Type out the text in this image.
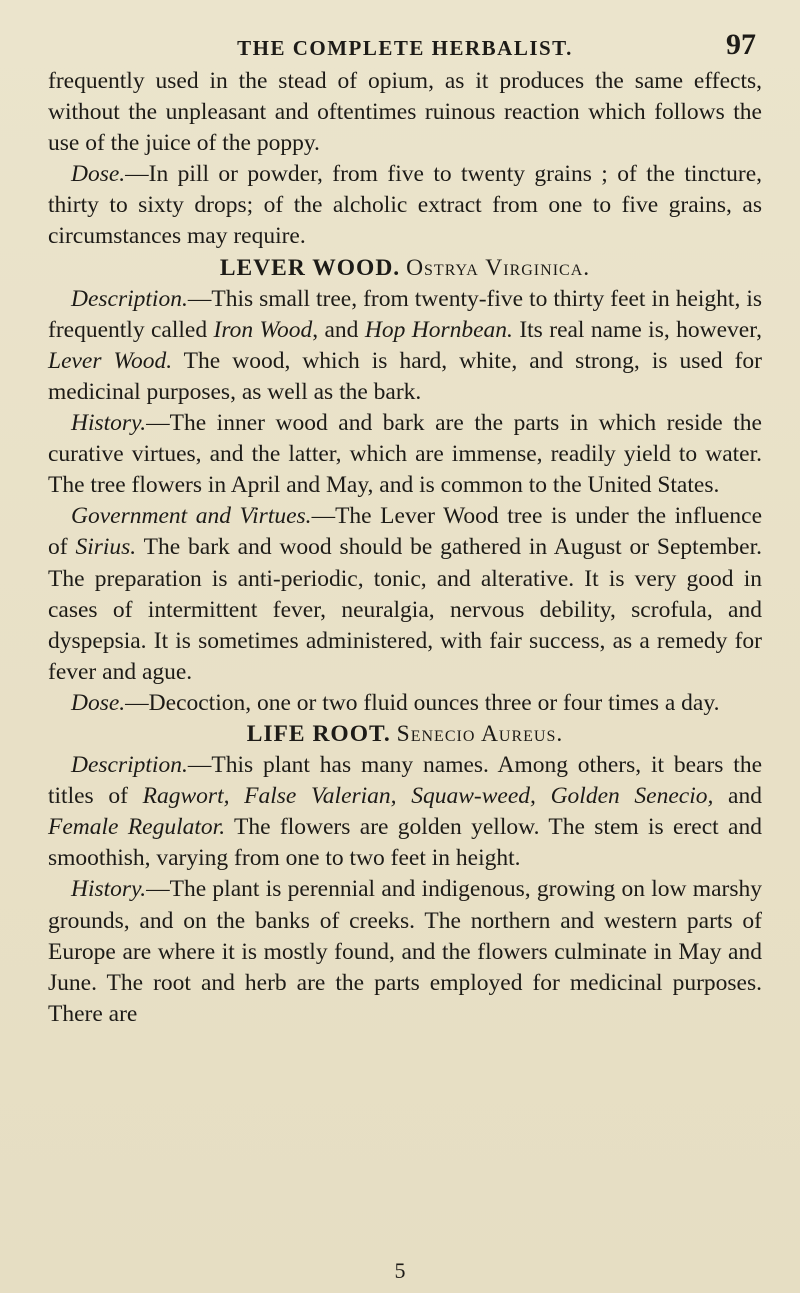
THE COMPLETE HERBALIST.	97

frequently used in the stead of opium, as it produces the same effects, without the unpleasant and oftentimes ruinous reaction which follows the use of the juice of the poppy.

Dose.—In pill or powder, from five to twenty grains ; of the tincture, thirty to sixty drops; of the alcholic extract from one to five grains, as circumstances may require.

LEVER WOOD. Ostrya Virginica.

Description.—This small tree, from twenty-five to thirty feet in height, is frequently called Iron Wood, and Hop Hornbean. Its real name is, however, Lever Wood. The wood, which is hard, white, and strong, is used for medicinal purposes, as well as the bark.

History.—The inner wood and bark are the parts in which reside the curative virtues, and the latter, which are immense, readily yield to water. The tree flowers in April and May, and is common to the United States.

Government and Virtues.—The Lever Wood tree is under the influence of Sirius. The bark and wood should be gathered in August or September. The preparation is anti-periodic, tonic, and alterative. It is very good in cases of intermittent fever, neuralgia, nervous debility, scrofula, and dyspepsia. It is sometimes administered, with fair success, as a remedy for fever and ague.

Dose.—Decoction, one or two fluid ounces three or four times a day.

LIFE ROOT. Senecio Aureus.

Description.—This plant has many names. Among others, it bears the titles of Ragwort, False Valerian, Squaw-weed, Golden Senecio, and Female Regulator. The flowers are golden yellow. The stem is erect and smoothish, varying from one to two feet in height.

History.—The plant is perennial and indigenous, growing on low marshy grounds, and on the banks of creeks. The northern and western parts of Europe are where it is mostly found, and the flowers culminate in May and June. The root and herb are the parts employed for medicinal purposes. There are

5
